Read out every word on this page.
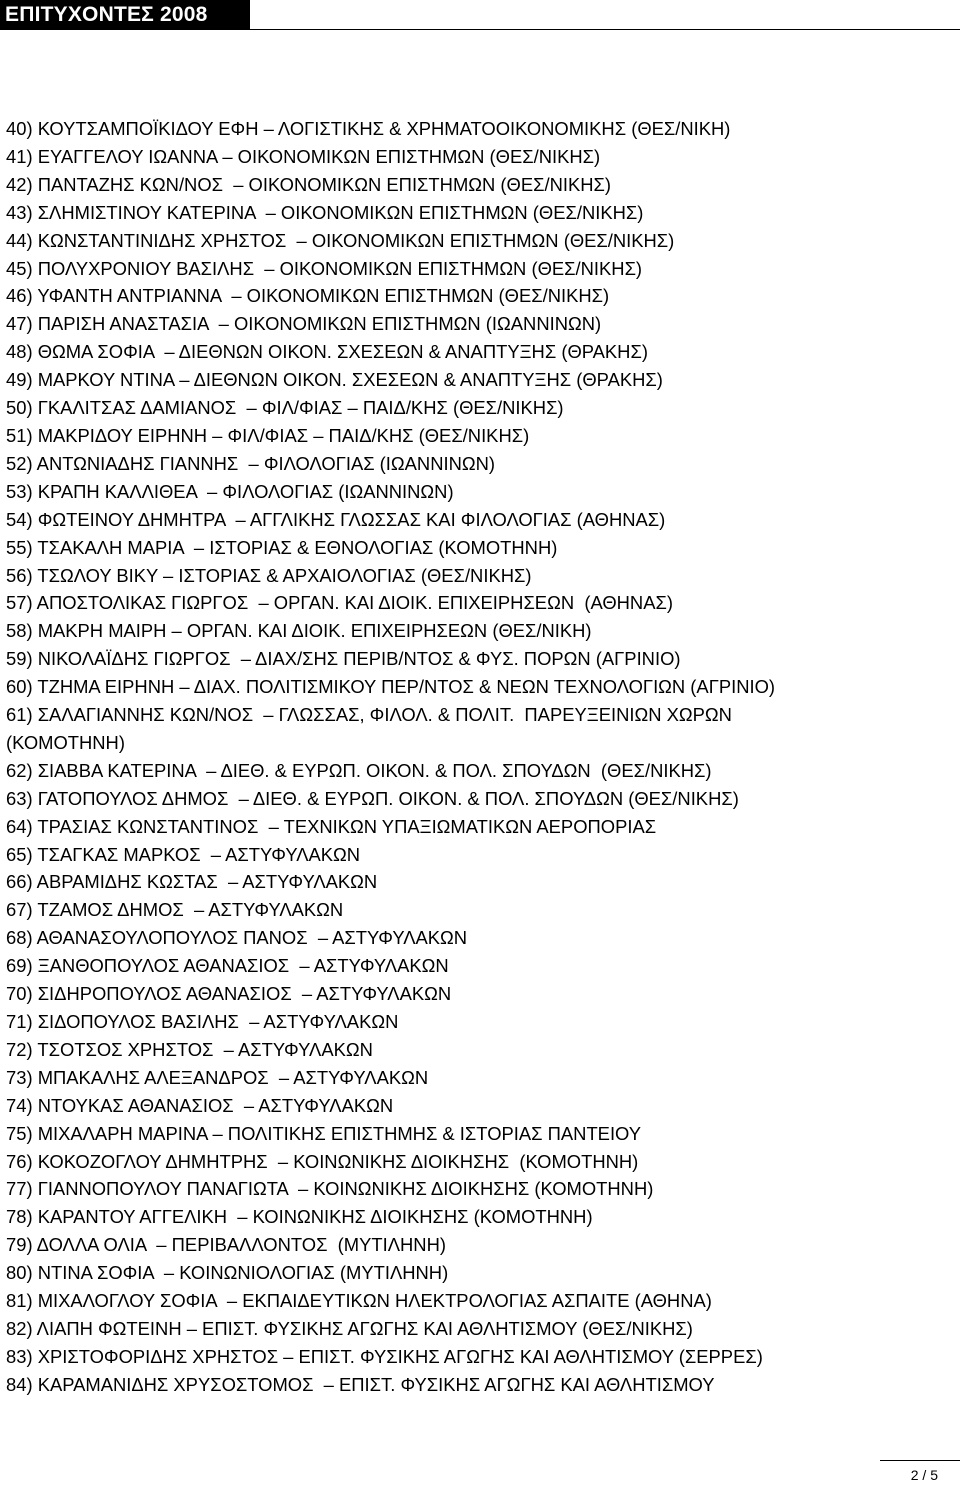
ΕΠΙΤΥΧΟΝΤΕΣ 2008
40) ΚΟΥΤΣΑΜΠΟΪΚΙΔΟΥ ΕΦΗ – ΛΟΓΙΣΤΙΚΗΣ & ΧΡΗΜΑΤΟΟΙΚΟΝΟΜΙΚΗΣ (ΘΕΣ/ΝΙΚΗ)
41) ΕΥΑΓΓΕΛΟΥ ΙΩΑΝΝΑ – ΟΙΚΟΝΟΜΙΚΩΝ ΕΠΙΣΤΗΜΩΝ (ΘΕΣ/ΝΙΚΗΣ)
42) ΠΑΝΤΑΖΗΣ ΚΩΝ/ΝΟΣ  – ΟΙΚΟΝΟΜΙΚΩΝ ΕΠΙΣΤΗΜΩΝ (ΘΕΣ/ΝΙΚΗΣ)
43) ΣΛΗΜΙΣΤΙΝΟΥ ΚΑΤΕΡΙΝΑ  – ΟΙΚΟΝΟΜΙΚΩΝ ΕΠΙΣΤΗΜΩΝ (ΘΕΣ/ΝΙΚΗΣ)
44) ΚΩΝΣΤΑΝΤΙΝΙΔΗΣ ΧΡΗΣΤΟΣ  – ΟΙΚΟΝΟΜΙΚΩΝ ΕΠΙΣΤΗΜΩΝ (ΘΕΣ/ΝΙΚΗΣ)
45) ΠΟΛΥΧΡΟΝΙΟΥ ΒΑΣΙΛΗΣ  – ΟΙΚΟΝΟΜΙΚΩΝ ΕΠΙΣΤΗΜΩΝ (ΘΕΣ/ΝΙΚΗΣ)
46) ΥΦΑΝΤΗ ΑΝΤΡΙΑΝΝΑ  – ΟΙΚΟΝΟΜΙΚΩΝ ΕΠΙΣΤΗΜΩΝ (ΘΕΣ/ΝΙΚΗΣ)
47) ΠΑΡΙΣΗ ΑΝΑΣΤΑΣΙΑ  – ΟΙΚΟΝΟΜΙΚΩΝ ΕΠΙΣΤΗΜΩΝ (ΙΩΑΝΝΙΝΩΝ)
48) ΘΩΜΑ ΣΟΦΙΑ  – ΔΙΕΘΝΩΝ ΟΙΚΟΝ. ΣΧΕΣΕΩΝ & ΑΝΑΠΤΥΞΗΣ (ΘΡΑΚΗΣ)
49) ΜΑΡΚΟΥ ΝΤΙΝΑ – ΔΙΕΘΝΩΝ ΟΙΚΟΝ. ΣΧΕΣΕΩΝ & ΑΝΑΠΤΥΞΗΣ (ΘΡΑΚΗΣ)
50) ΓΚΑΛΙΤΣΑΣ ΔΑΜΙΑΝΟΣ  – ΦΙΛ/ΦΙΑΣ – ΠΑΙΔ/ΚΗΣ (ΘΕΣ/ΝΙΚΗΣ)
51) ΜΑΚΡΙΔΟΥ ΕΙΡΗΝΗ – ΦΙΛ/ΦΙΑΣ – ΠΑΙΔ/ΚΗΣ (ΘΕΣ/ΝΙΚΗΣ)
52) ΑΝΤΩΝΙΑΔΗΣ ΓΙΑΝΝΗΣ  – ΦΙΛΟΛΟΓΙΑΣ (ΙΩΑΝΝΙΝΩΝ)
53) ΚΡΑΠΗ ΚΑΛΛΙΘΕΑ  – ΦΙΛΟΛΟΓΙΑΣ (ΙΩΑΝΝΙΝΩΝ)
54) ΦΩΤΕΙΝΟΥ ΔΗΜΗΤΡΑ  – ΑΓΓΛΙΚΗΣ ΓΛΩΣΣΑΣ ΚΑΙ ΦΙΛΟΛΟΓΙΑΣ (ΑΘΗΝΑΣ)
55) ΤΣΑΚΑΛΗ ΜΑΡΙΑ  – ΙΣΤΟΡΙΑΣ & ΕΘΝΟΛΟΓΙΑΣ (ΚΟΜΟΤΗΝΗ)
56) ΤΣΩΛΟΥ ΒΙΚΥ – ΙΣΤΟΡΙΑΣ & ΑΡΧΑΙΟΛΟΓΙΑΣ (ΘΕΣ/ΝΙΚΗΣ)
57) ΑΠΟΣΤΟΛΙΚΑΣ ΓΙΩΡΓΟΣ  – ΟΡΓΑΝ. ΚΑΙ ΔΙΟΙΚ. ΕΠΙΧΕΙΡΗΣΕΩΝ  (ΑΘΗΝΑΣ)
58) ΜΑΚΡΗ ΜΑΙΡΗ – ΟΡΓΑΝ. ΚΑΙ ΔΙΟΙΚ. ΕΠΙΧΕΙΡΗΣΕΩΝ (ΘΕΣ/ΝΙΚΗ)
59) ΝΙΚΟΛΑΪΔΗΣ ΓΙΩΡΓΟΣ  – ΔΙΑΧ/ΣΗΣ ΠΕΡΙΒ/ΝΤΟΣ & ΦΥΣ. ΠΟΡΩΝ (ΑΓΡΙΝΙΟ)
60) ΤΖΗΜΑ ΕΙΡΗΝΗ – ΔΙΑΧ. ΠΟΛΙΤΙΣΜΙΚΟΥ ΠΕΡ/ΝΤΟΣ & ΝΕΩΝ ΤΕΧΝΟΛΟΓΙΩΝ (ΑΓΡΙΝΙΟ)
61) ΣΑΛΑΓΙΑΝΝΗΣ ΚΩΝ/ΝΟΣ  – ΓΛΩΣΣΑΣ, ΦΙΛΟΛ. & ΠΟΛΙΤ.  ΠΑΡΕΥΞΕΙΝΙΩΝ ΧΩΡΩΝ
(ΚΟΜΟΤΗΝΗ)
62) ΣΙΑΒΒΑ ΚΑΤΕΡΙΝΑ  – ΔΙΕΘ. & ΕΥΡΩΠ. ΟΙΚΟΝ. & ΠΟΛ. ΣΠΟΥΔΩΝ  (ΘΕΣ/ΝΙΚΗΣ)
63) ΓΑΤΟΠΟΥΛΟΣ ΔΗΜΟΣ  – ΔΙΕΘ. & ΕΥΡΩΠ. ΟΙΚΟΝ. & ΠΟΛ. ΣΠΟΥΔΩΝ (ΘΕΣ/ΝΙΚΗΣ)
64) ΤΡΑΣΙΑΣ ΚΩΝΣΤΑΝΤΙΝΟΣ  – ΤΕΧΝΙΚΩΝ ΥΠΑΞΙΩΜΑΤΙΚΩΝ ΑΕΡΟΠΟΡΙΑΣ
65) ΤΣΑΓΚΑΣ ΜΑΡΚΟΣ  – ΑΣΤΥΦΥΛΑΚΩΝ
66) ΑΒΡΑΜΙΔΗΣ ΚΩΣΤΑΣ  – ΑΣΤΥΦΥΛΑΚΩΝ
67) ΤΖΑΜΟΣ ΔΗΜΟΣ  – ΑΣΤΥΦΥΛΑΚΩΝ
68) ΑΘΑΝΑΣΟΥΛΟΠΟΥΛΟΣ ΠΑΝΟΣ  – ΑΣΤΥΦΥΛΑΚΩΝ
69) ΞΑΝΘΟΠΟΥΛΟΣ ΑΘΑΝΑΣΙΟΣ  – ΑΣΤΥΦΥΛΑΚΩΝ
70) ΣΙΔΗΡΟΠΟΥΛΟΣ ΑΘΑΝΑΣΙΟΣ  – ΑΣΤΥΦΥΛΑΚΩΝ
71) ΣΙΔΟΠΟΥΛΟΣ ΒΑΣΙΛΗΣ  – ΑΣΤΥΦΥΛΑΚΩΝ
72) ΤΣΟΤΣΟΣ ΧΡΗΣΤΟΣ  – ΑΣΤΥΦΥΛΑΚΩΝ
73) ΜΠΑΚΑΛΗΣ ΑΛΕΞΑΝΔΡΟΣ  – ΑΣΤΥΦΥΛΑΚΩΝ
74) ΝΤΟΥΚΑΣ ΑΘΑΝΑΣΙΟΣ  – ΑΣΤΥΦΥΛΑΚΩΝ
75) ΜΙΧΑΛΑΡΗ ΜΑΡΙΝΑ – ΠΟΛΙΤΙΚΗΣ ΕΠΙΣΤΗΜΗΣ & ΙΣΤΟΡΙΑΣ ΠΑΝΤΕΙΟΥ
76) ΚΟΚΟΖΟΓΛΟΥ ΔΗΜΗΤΡΗΣ  – ΚΟΙΝΩΝΙΚΗΣ ΔΙΟΙΚΗΣΗΣ  (ΚΟΜΟΤΗΝΗ)
77) ΓΙΑΝΝΟΠΟΥΛΟΥ ΠΑΝΑΓΙΩΤΑ  – ΚΟΙΝΩΝΙΚΗΣ ΔΙΟΙΚΗΣΗΣ (ΚΟΜΟΤΗΝΗ)
78) ΚΑΡΑΝΤΟΥ ΑΓΓΕΛΙΚΗ  – ΚΟΙΝΩΝΙΚΗΣ ΔΙΟΙΚΗΣΗΣ (ΚΟΜΟΤΗΝΗ)
79) ΔΟΛΛΑ ΟΛΙΑ  – ΠΕΡΙΒΑΛΛΟΝΤΟΣ  (ΜΥΤΙΛΗΝΗ)
80) ΝΤΙΝΑ ΣΟΦΙΑ  – ΚΟΙΝΩΝΙΟΛΟΓΙΑΣ (ΜΥΤΙΛΗΝΗ)
81) ΜΙΧΑΛΟΓΛΟΥ ΣΟΦΙΑ  – ΕΚΠΑΙΔΕΥΤΙΚΩΝ ΗΛΕΚΤΡΟΛΟΓΙΑΣ ΑΣΠΑΙΤΕ (ΑΘΗΝΑ)
82) ΛΙΑΠΗ ΦΩΤΕΙΝΗ – ΕΠΙΣΤ. ΦΥΣΙΚΗΣ ΑΓΩΓΗΣ ΚΑΙ ΑΘΛΗΤΙΣΜΟΥ (ΘΕΣ/ΝΙΚΗΣ)
83) ΧΡΙΣΤΟΦΟΡΙΔΗΣ ΧΡΗΣΤΟΣ – ΕΠΙΣΤ. ΦΥΣΙΚΗΣ ΑΓΩΓΗΣ ΚΑΙ ΑΘΛΗΤΙΣΜΟΥ (ΣΕΡΡΕΣ)
84) ΚΑΡΑΜΑΝΙΔΗΣ ΧΡΥΣΟΣΤΟΜΟΣ  – ΕΠΙΣΤ. ΦΥΣΙΚΗΣ ΑΓΩΓΗΣ ΚΑΙ ΑΘΛΗΤΙΣΜΟΥ
2 / 5
